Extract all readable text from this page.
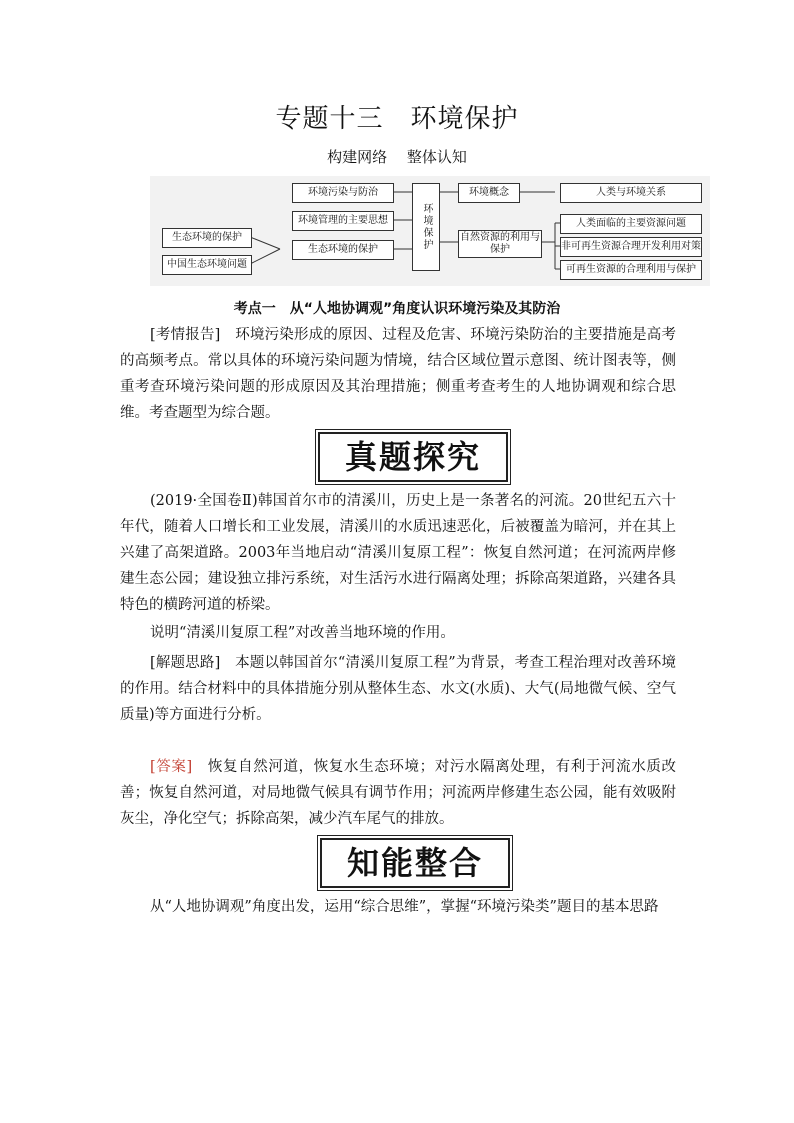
专题十三　环境保护
构建网络　 整体认知
生态环境的保护
中国生态环境问题
环境污染与防治
环境管理的主要思想
生态环境的保护	环境保护
环境概念
自然资源的利用与保护
人类与环境关系
人类面临的主要资源问题
非可再生资源合理开发利用对策
可再生资源的合理利用与保护
考点一　从“人地协调观”角度认识环境污染及其防治
[考情报告]　环境污染形成的原因、过程及危害、环境污染防治的主要措施是高考的高频考点。常以具体的环境污染问题为情境，结合区域位置示意图、统计图表等，侧重考查环境污染问题的形成原因及其治理措施；侧重考查考生的人地协调观和综合思维。考查题型为综合题。
真题探究
(2019·全国卷Ⅱ)韩国首尔市的清溪川，历史上是一条著名的河流。20世纪五六十年代，随着人口增长和工业发展，清溪川的水质迅速恶化，后被覆盖为暗河，并在其上兴建了高架道路。2003年当地启动“清溪川复原工程”：恢复自然河道；在河流两岸修建生态公园；建设独立排污系统，对生活污水进行隔离处理；拆除高架道路，兴建各具特色的横跨河道的桥梁。
说明“清溪川复原工程”对改善当地环境的作用。
[解题思路]　本题以韩国首尔“清溪川复原工程”为背景，考查工程治理对改善环境的作用。结合材料中的具体措施分别从整体生态、水文(水质)、大气(局地微气候、空气质量)等方面进行分析。
[答案]　恢复自然河道，恢复水生态环境；对污水隔离处理，有利于河流水质改善；恢复自然河道，对局地微气候具有调节作用；河流两岸修建生态公园，能有效吸附灰尘，净化空气；拆除高架，减少汽车尾气的排放。
知能整合
从“人地协调观”角度出发，运用“综合思维”，掌握“环境污染类”题目的基本思路
